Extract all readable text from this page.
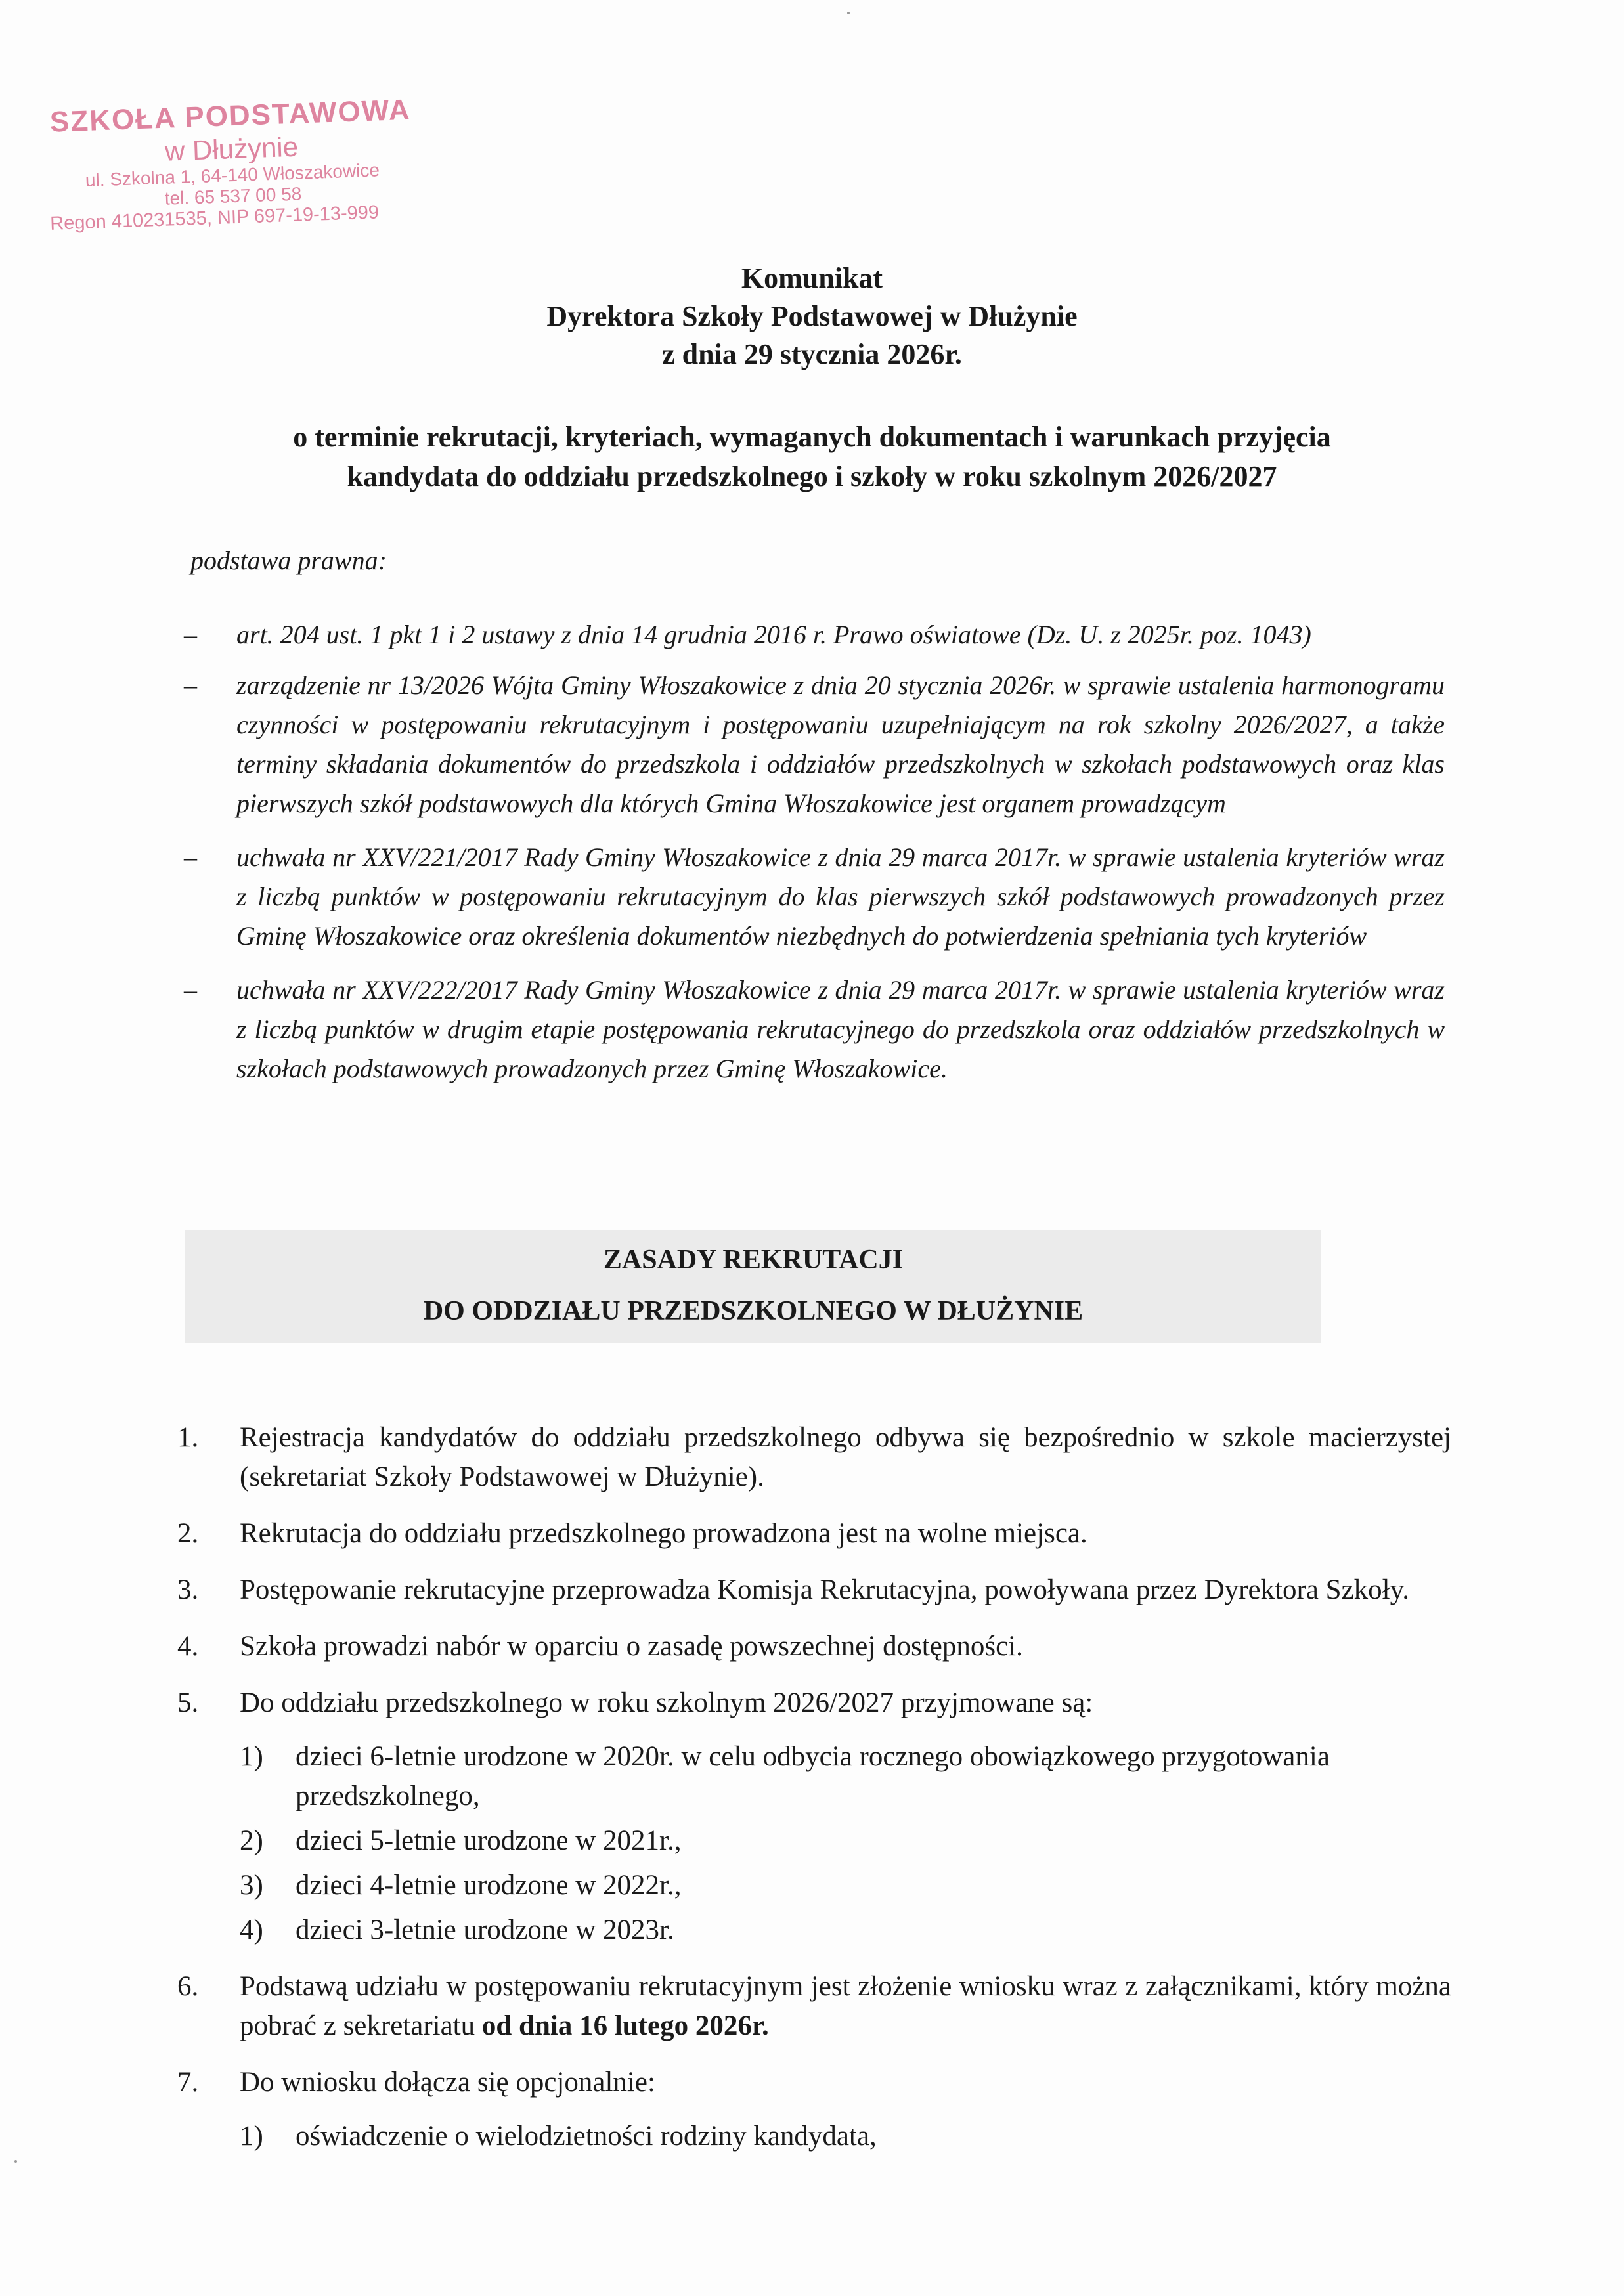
SZKOŁA PODSTAWOWA
w Dłużynie
ul. Szkolna 1, 64-140 Włoszakowice
tel. 65 537 00 58
Regon 410231535, NIP 697-19-13-999
Komunikat
Dyrektora Szkoły Podstawowej w Dłużynie
z dnia 29 stycznia 2026r.
o terminie rekrutacji, kryteriach, wymaganych dokumentach i warunkach przyjęcia
kandydata do oddziału przedszkolnego i szkoły w roku szkolnym 2026/2027
podstawa prawna:
– art. 204 ust. 1 pkt 1 i 2 ustawy z dnia 14 grudnia 2016 r. Prawo oświatowe (Dz. U. z 2025r. poz. 1043)
– zarządzenie nr 13/2026 Wójta Gminy Włoszakowice z dnia 20 stycznia 2026r. w sprawie ustalenia harmonogramu czynności w postępowaniu rekrutacyjnym i postępowaniu uzupełniającym na rok szkolny 2026/2027, a także terminy składania dokumentów do przedszkola i oddziałów przedszkolnych w szkołach podstawowych oraz klas pierwszych szkół podstawowych dla których Gmina Włoszakowice jest organem prowadzącym
– uchwała nr XXV/221/2017 Rady Gminy Włoszakowice z dnia 29 marca 2017r. w sprawie ustalenia kryteriów wraz z liczbą punktów w postępowaniu rekrutacyjnym do klas pierwszych szkół podstawowych prowadzonych przez Gminę Włoszakowice oraz określenia dokumentów niezbędnych do potwierdzenia spełniania tych kryteriów
– uchwała nr XXV/222/2017 Rady Gminy Włoszakowice z dnia 29 marca 2017r. w sprawie ustalenia kryteriów wraz z liczbą punktów w drugim etapie postępowania rekrutacyjnego do przedszkola oraz oddziałów przedszkolnych w szkołach podstawowych prowadzonych przez Gminę Włoszakowice.
ZASADY REKRUTACJI
DO ODDZIAŁU PRZEDSZKOLNEGO W DŁUŻYNIE
1. Rejestracja kandydatów do oddziału przedszkolnego odbywa się bezpośrednio w szkole macierzystej (sekretariat Szkoły Podstawowej w Dłużynie).
2. Rekrutacja do oddziału przedszkolnego prowadzona jest na wolne miejsca.
3. Postępowanie rekrutacyjne przeprowadza Komisja Rekrutacyjna, powoływana przez Dyrektora Szkoły.
4. Szkoła prowadzi nabór w oparciu o zasadę powszechnej dostępności.
5. Do oddziału przedszkolnego w roku szkolnym 2026/2027 przyjmowane są:
1) dzieci 6-letnie urodzone w 2020r. w celu odbycia rocznego obowiązkowego przygotowania przedszkolnego,
2) dzieci 5-letnie urodzone w 2021r.,
3) dzieci 4-letnie urodzone w 2022r.,
4) dzieci 3-letnie urodzone w 2023r.
6. Podstawą udziału w postępowaniu rekrutacyjnym jest złożenie wniosku wraz z załącznikami, który można pobrać z sekretariatu od dnia 16 lutego 2026r.
7. Do wniosku dołącza się opcjonalnie:
1) oświadczenie o wielodzietności rodziny kandydata,
